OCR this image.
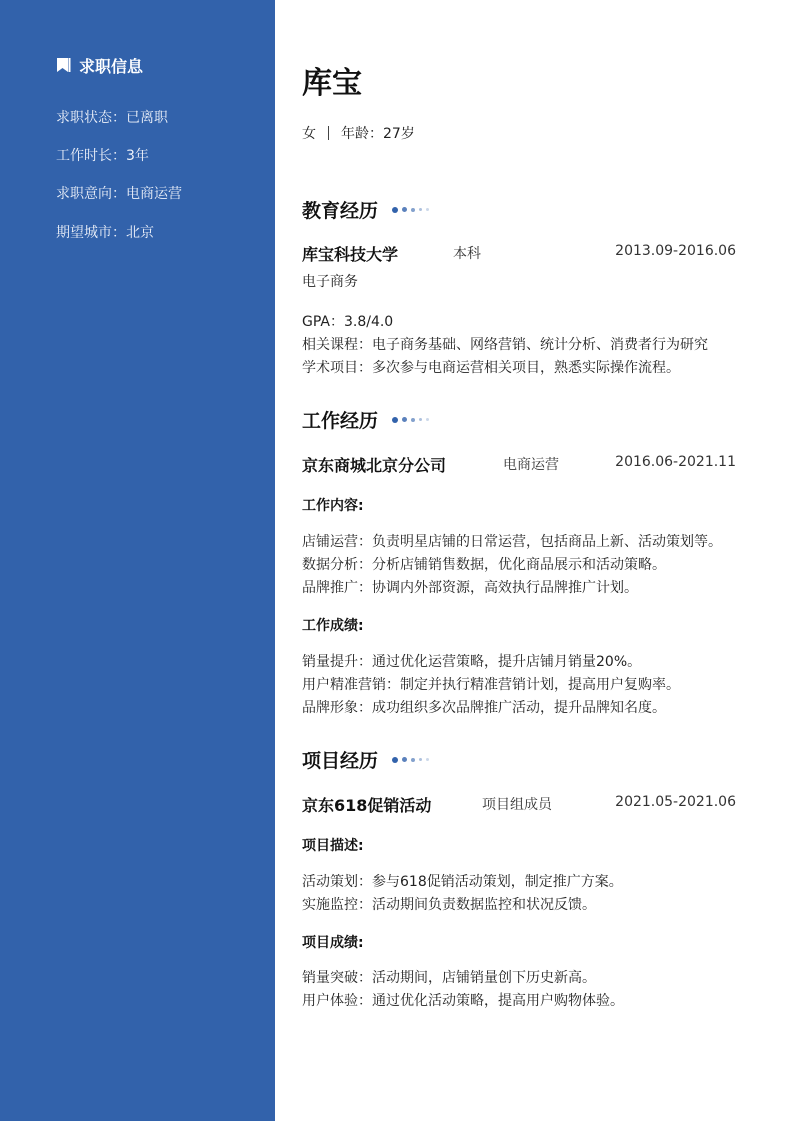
求职信息
求职状态：已离职
工作时长：3年
求职意向：电商运营
期望城市：北京
库宝
女 年龄：27岁
教育经历
库宝科技大学	本科	2013.09-2016.06
电子商务
GPA：3.8/4.0
相关课程：电子商务基础、网络营销、统计分析、消费者行为研究
学术项目：多次参与电商运营相关项目，熟悉实际操作流程。
工作经历
京东商城北京分公司	电商运营	2016.06-2021.11
工作内容:
店铺运营：负责明星店铺的日常运营，包括商品上新、活动策划等。
数据分析：分析店铺销售数据，优化商品展示和活动策略。
品牌推广：协调内外部资源，高效执行品牌推广计划。
工作成绩:
销量提升：通过优化运营策略，提升店铺月销量20%。
用户精准营销：制定并执行精准营销计划，提高用户复购率。
品牌形象：成功组织多次品牌推广活动，提升品牌知名度。
项目经历
京东618促销活动	项目组成员	2021.05-2021.06
项目描述:
活动策划：参与618促销活动策划，制定推广方案。
实施监控：活动期间负责数据监控和状况反馈。
项目成绩:
销量突破：活动期间，店铺销量创下历史新高。
用户体验：通过优化活动策略，提高用户购物体验。
